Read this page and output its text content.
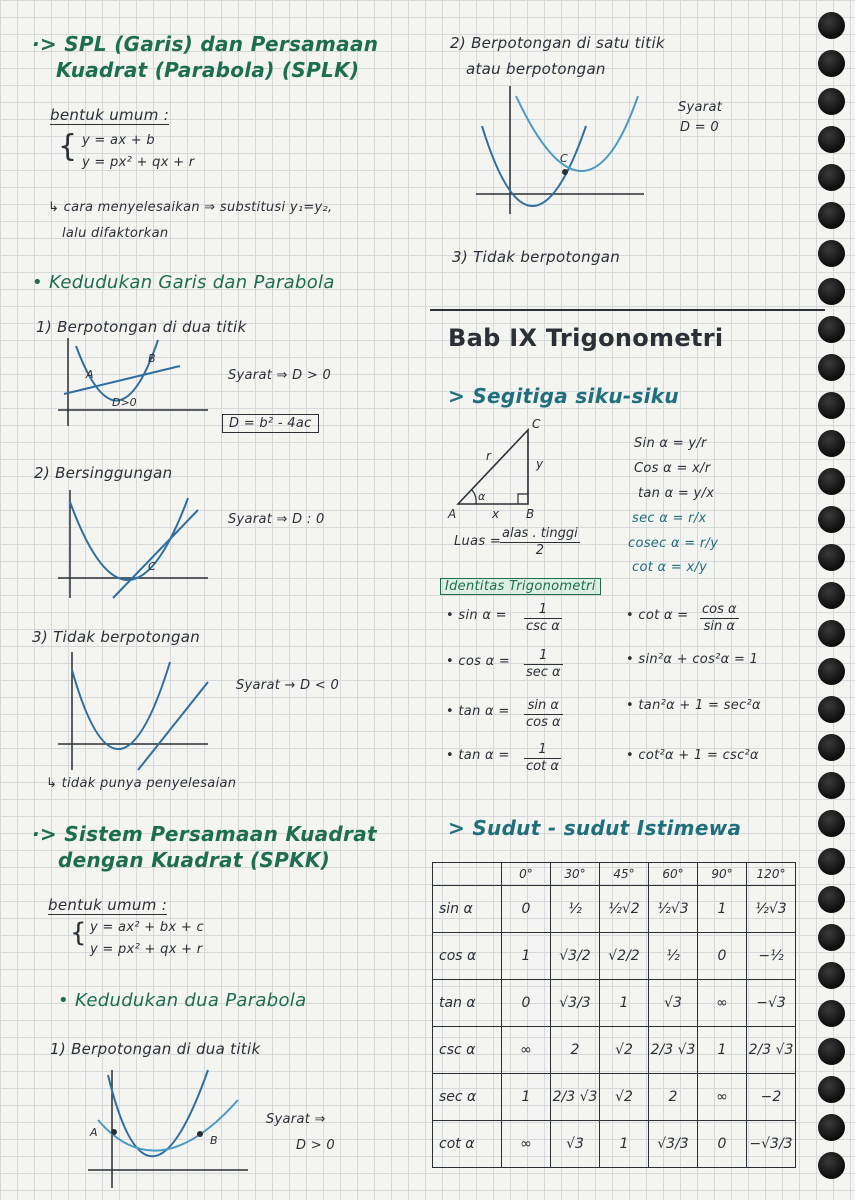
·> SPL (Garis) dan Persamaan
Kuadrat (Parabola) (SPLK)
bentuk umum :
{ y = ax + b
y = px² + qx + r
↳ cara menyelesaikan ⇒ substitusi y₁=y₂,
lalu difaktorkan
• Kedudukan Garis dan Parabola
1) Berpotongan di dua titik
A
B
D>0
Syarat ⇒ D > 0
D = b² - 4ac
2) Bersinggungan
C
Syarat ⇒ D : 0
3) Tidak berpotongan
Syarat → D < 0
↳ tidak punya penyelesaian
·> Sistem Persamaan Kuadrat
dengan Kuadrat (SPKK)
bentuk umum :
{ y = ax² + bx + c
y = px² + qx + r
• Kedudukan dua Parabola
1) Berpotongan di dua titik
A
B
Syarat ⇒
D > 0
2) Berpotongan di satu titik
atau berpotongan
C
Syarat
D = 0
3) Tidak berpotongan
Bab IX Trigonometri
> Segitiga siku-siku
C
A	B
r
y
x
α
Luas =
alas . tinggi
2
Sin α = y/r
Cos α = x/r
tan α = y/x
sec α = r/x
cosec α = r/y
cot α = x/y
Identitas Trigonometri
• sin α =	1
csc α
• cos α =	1
sec α
• $\tan \alpha = \frac{\text{sin α}}{\text{cos α}}$
• $\tan \alpha = \frac{1}{\text{cot α}}$
• $\cot \alpha = \frac{\text{cos α}}{\text{sin α}}$
• sin²α + cos²α = 1
• tan²α + 1 = sec²α
• cot²α + 1 = csc²α
> Sudut - sudut Istimewa
	0°	30°	45°	60°	90°	120°
sin α	0	½	½√2	½√3	1	½√3
cos α	1	√3/2	√2/2	½	0	−½
tan α	0	√3/3	1	√3	∞	−√3
csc α	∞	2	√2	2/3 √3	1	2/3 √3
sec α	1	2/3 √3	√2	2	∞	−2
cot α	∞	√3	1	√3/3	0	−√3/3
